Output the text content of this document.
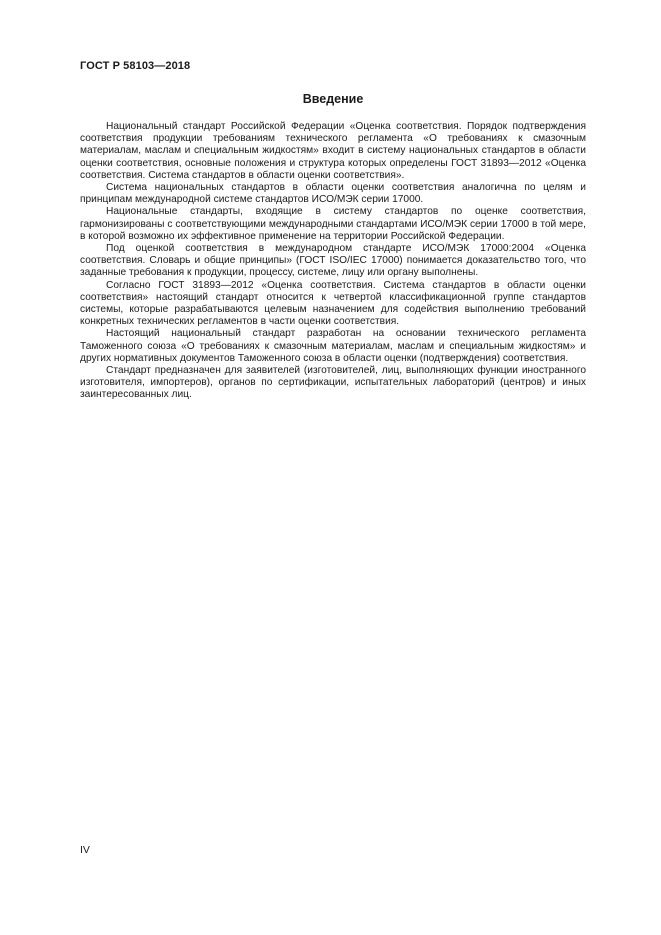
ГОСТ Р 58103—2018
Введение

Национальный стандарт Российской Федерации «Оценка соответствия. Порядок подтверждения соответствия продукции требованиям технического регламента «О требованиях к смазочным материалам, маслам и специальным жидкостям» входит в систему национальных стандартов в области оценки соответствия, основные положения и структура которых определены ГОСТ 31893—2012 «Оценка соответствия. Система стандартов в области оценки соответствия».

Система национальных стандартов в области оценки соответствия аналогична по целям и принципам международной системе стандартов ИСО/МЭК серии 17000.

Национальные стандарты, входящие в систему стандартов по оценке соответствия, гармонизированы с соответствующими международными стандартами ИСО/МЭК серии 17000 в той мере, в которой возможно их эффективное применение на территории Российской Федерации.

Под оценкой соответствия в международном стандарте ИСО/МЭК 17000:2004 «Оценка соответствия. Словарь и общие принципы» (ГОСТ ISO/IEC 17000) понимается доказательство того, что заданные требования к продукции, процессу, системе, лицу или органу выполнены.

Согласно ГОСТ 31893—2012 «Оценка соответствия. Система стандартов в области оценки соответствия» настоящий стандарт относится к четвертой классификационной группе стандартов системы, которые разрабатываются целевым назначением для содействия выполнению требований конкретных технических регламентов в части оценки соответствия.

Настоящий национальный стандарт разработан на основании технического регламента Таможенного союза «О требованиях к смазочным материалам, маслам и специальным жидкостям» и других нормативных документов Таможенного союза в области оценки (подтверждения) соответствия.

Стандарт предназначен для заявителей (изготовителей, лиц, выполняющих функции иностранного изготовителя, импортеров), органов по сертификации, испытательных лабораторий (центров) и иных заинтересованных лиц.

IV
